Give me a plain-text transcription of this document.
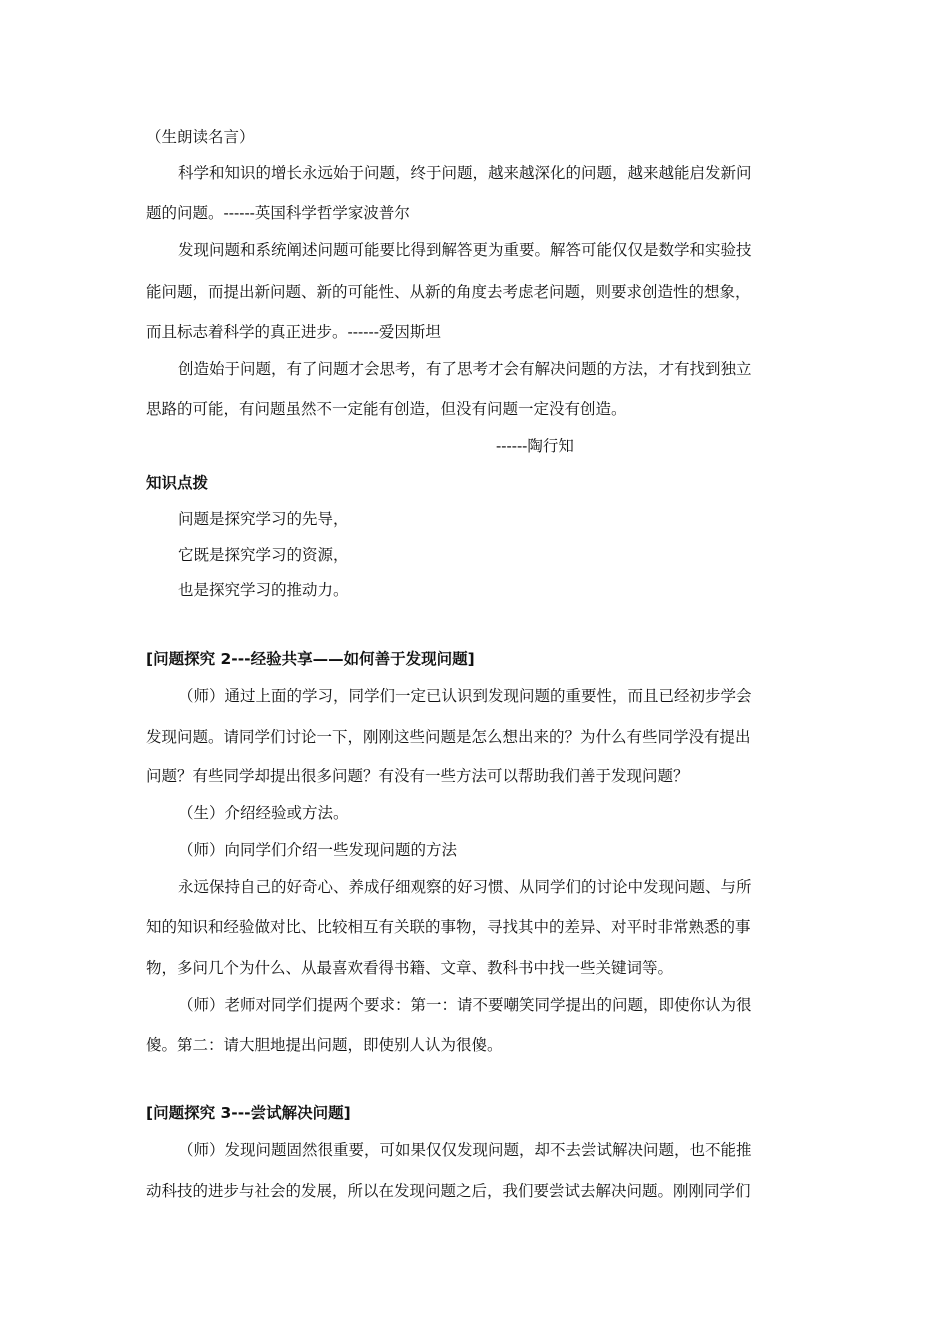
（生朗读名言）
科学和知识的增长永远始于问题，终于问题，越来越深化的问题，越来越能启发新问
题的问题。------英国科学哲学家波普尔
发现问题和系统阐述问题可能要比得到解答更为重要。解答可能仅仅是数学和实验技
能问题，而提出新问题、新的可能性、从新的角度去考虑老问题，则要求创造性的想象，
而且标志着科学的真正进步。------爱因斯坦
创造始于问题，有了问题才会思考，有了思考才会有解决问题的方法，才有找到独立
思路的可能，有问题虽然不一定能有创造，但没有问题一定没有创造。
------陶行知
知识点拨
问题是探究学习的先导，
它既是探究学习的资源，
也是探究学习的推动力。
[问题探究 2---经验共享——如何善于发现问题]
（师）通过上面的学习，同学们一定已认识到发现问题的重要性，而且已经初步学会
发现问题。请同学们讨论一下，刚刚这些问题是怎么想出来的？为什么有些同学没有提出
问题？有些同学却提出很多问题？有没有一些方法可以帮助我们善于发现问题？
（生）介绍经验或方法。
（师）向同学们介绍一些发现问题的方法
永远保持自己的好奇心、养成仔细观察的好习惯、从同学们的讨论中发现问题、与所
知的知识和经验做对比、比较相互有关联的事物，寻找其中的差异、对平时非常熟悉的事
物，多问几个为什么、从最喜欢看得书籍、文章、教科书中找一些关键词等。
（师）老师对同学们提两个要求：第一：请不要嘲笑同学提出的问题，即使你认为很
傻。第二：请大胆地提出问题，即使别人认为很傻。
[问题探究 3---尝试解决问题]
（师）发现问题固然很重要，可如果仅仅发现问题，却不去尝试解决问题，也不能推
动科技的进步与社会的发展，所以在发现问题之后，我们要尝试去解决问题。刚刚同学们
